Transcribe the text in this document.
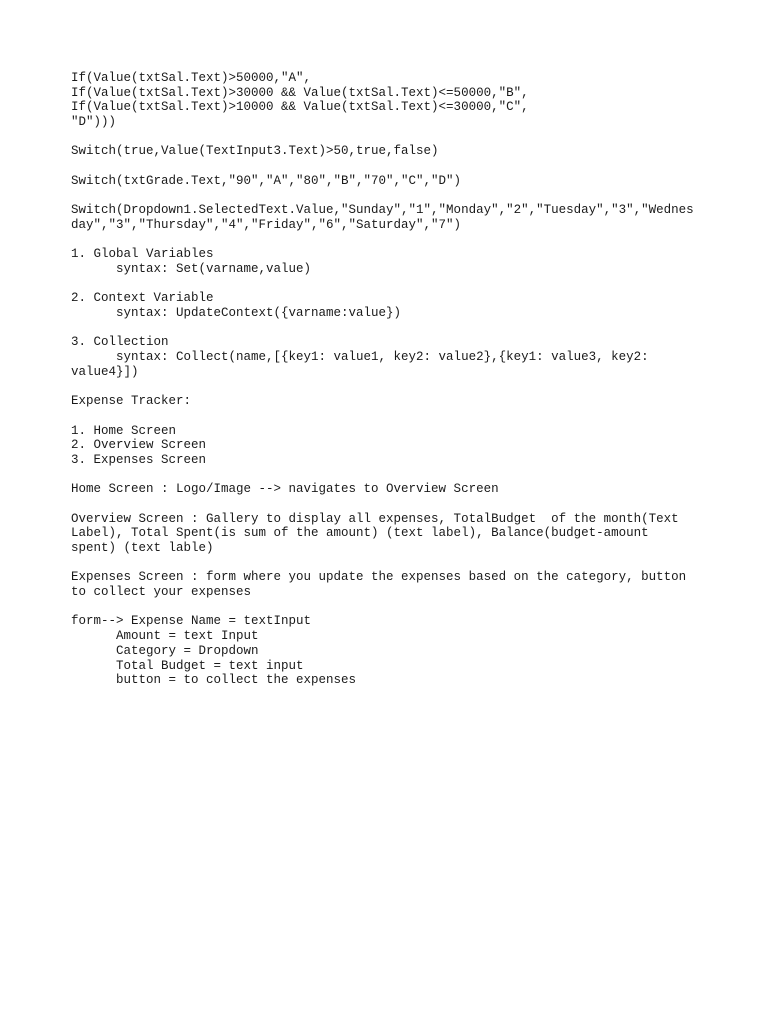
If(Value(txtSal.Text)>50000,"A",
If(Value(txtSal.Text)>30000 && Value(txtSal.Text)<=50000,"B",
If(Value(txtSal.Text)>10000 && Value(txtSal.Text)<=30000,"C",
"D")))
Switch(true,Value(TextInput3.Text)>50,true,false)
Switch(txtGrade.Text,"90","A","80","B","70","C","D")
Switch(Dropdown1.SelectedText.Value,"Sunday","1","Monday","2","Tuesday","3","Wednes
day","3","Thursday","4","Friday","6","Saturday","7")
1. Global Variables
syntax: Set(varname,value)
2. Context Variable
syntax: UpdateContext({varname:value})
3. Collection
syntax: Collect(name,[{key1: value1, key2: value2},{key1: value3, key2:
value4}])
Expense Tracker:
1. Home Screen
2. Overview Screen
3. Expenses Screen
Home Screen : Logo/Image --> navigates to Overview Screen
Overview Screen : Gallery to display all expenses, TotalBudget  of the month(Text
Label), Total Spent(is sum of the amount) (text label), Balance(budget-amount
spent) (text lable)
Expenses Screen : form where you update the expenses based on the category, button
to collect your expenses
form--> Expense Name = textInput
Amount = text Input
Category = Dropdown
Total Budget = text input
button = to collect the expenses
